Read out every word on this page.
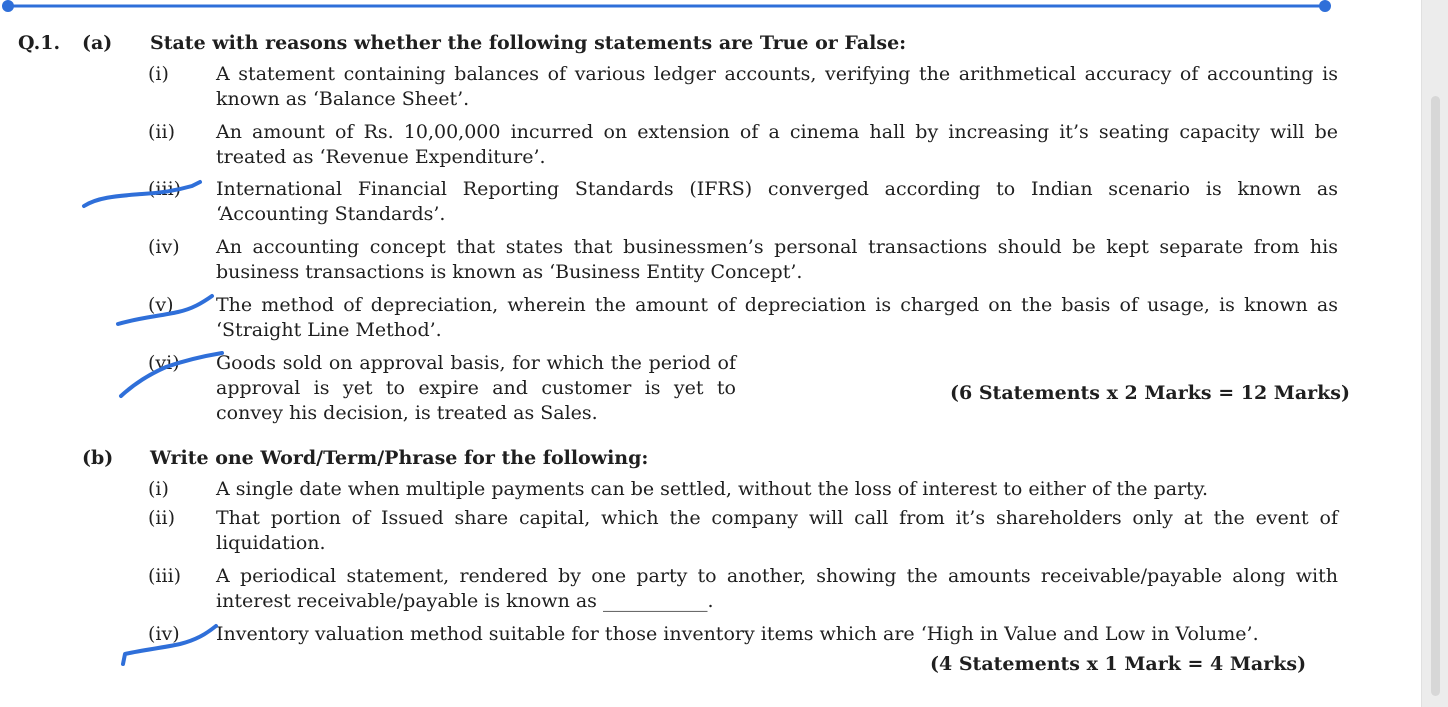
Q.1. (a) State with reasons whether the following statements are True or False:
(i) A statement containing balances of various ledger accounts, verifying the arithmetical accuracy of accounting is known as ‘Balance Sheet’.
(ii) An amount of Rs. 10,00,000 incurred on extension of a cinema hall by increasing it’s seating capacity will be treated as ‘Revenue Expenditure’.
(iii) International Financial Reporting Standards (IFRS) converged according to Indian scenario is known as ‘Accounting Standards’.
(iv) An accounting concept that states that businessmen’s personal transactions should be kept separate from his business transactions is known as ‘Business Entity Concept’.
(v) The method of depreciation, wherein the amount of depreciation is charged on the basis of usage, is known as ‘Straight Line Method’.
(vi) Goods sold on approval basis, for which the period of approval is yet to expire and customer is yet to convey his decision, is treated as Sales.
(6 Statements x 2 Marks = 12 Marks)
(b) Write one Word/Term/Phrase for the following:
(i) A single date when multiple payments can be settled, without the loss of interest to either of the party.
(ii) That portion of Issued share capital, which the company will call from it’s shareholders only at the event of liquidation.
(iii) A periodical statement, rendered by one party to another, showing the amounts receivable/payable along with interest receivable/payable is known as ___________.
(iv) Inventory valuation method suitable for those inventory items which are ‘High in Value and Low in Volume’.
(4 Statements x 1 Mark = 4 Marks)
